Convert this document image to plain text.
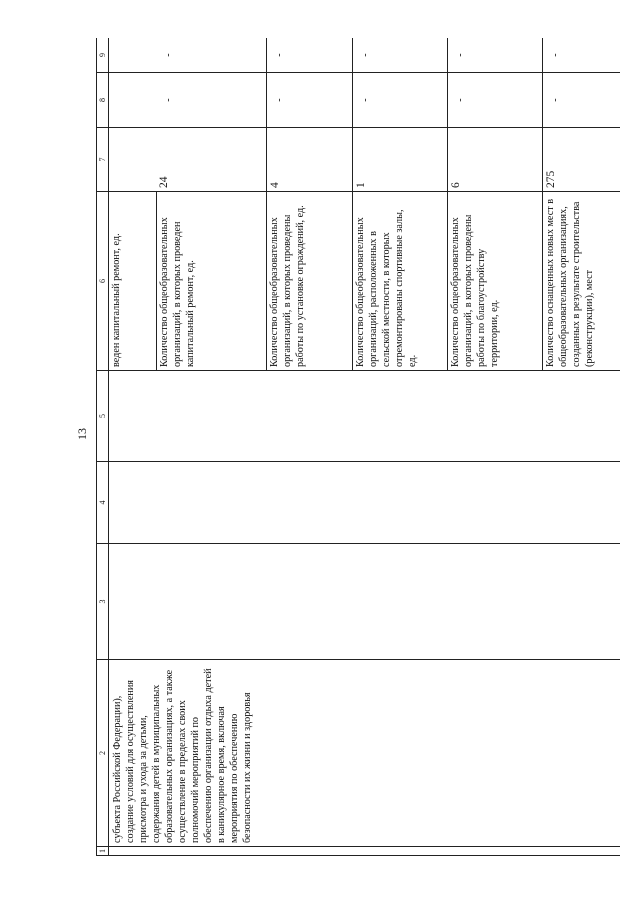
13
1	2	3	4	5	6	7	8	9
	субъекта Российской Федерации), создание условий для осуществления присмотра и ухода за детьми, содержания детей в муниципальных образовательных организациях, а также осуществление в пределах своих полномочий мероприятий по обеспечению организации отдыха детей в каникулярное время, включая мероприятия по обеспечению безопасности их жизни и здоровья				веден капитальный ремонт, ед.			
					Количество общеобразовательных организаций, в которых проведен капитальный ремонт, ед.	24	-	-
					Количество общеобразовательных организаций, в которых проведены работы по установке ограждений, ед.	4	-	-
					Количество общеобразовательных организаций, расположенных в сельской местности, в которых отремонтированы спортивные залы, ед.	1	-	-
					Количество общеобразовательных организаций, в которых проведены работы по благоустройству территории, ед.	6	-	-
					Количество оснащенных новых мест в общеобразовательных организациях, созданных в результате строительства (реконструкции), мест	275	-	-
